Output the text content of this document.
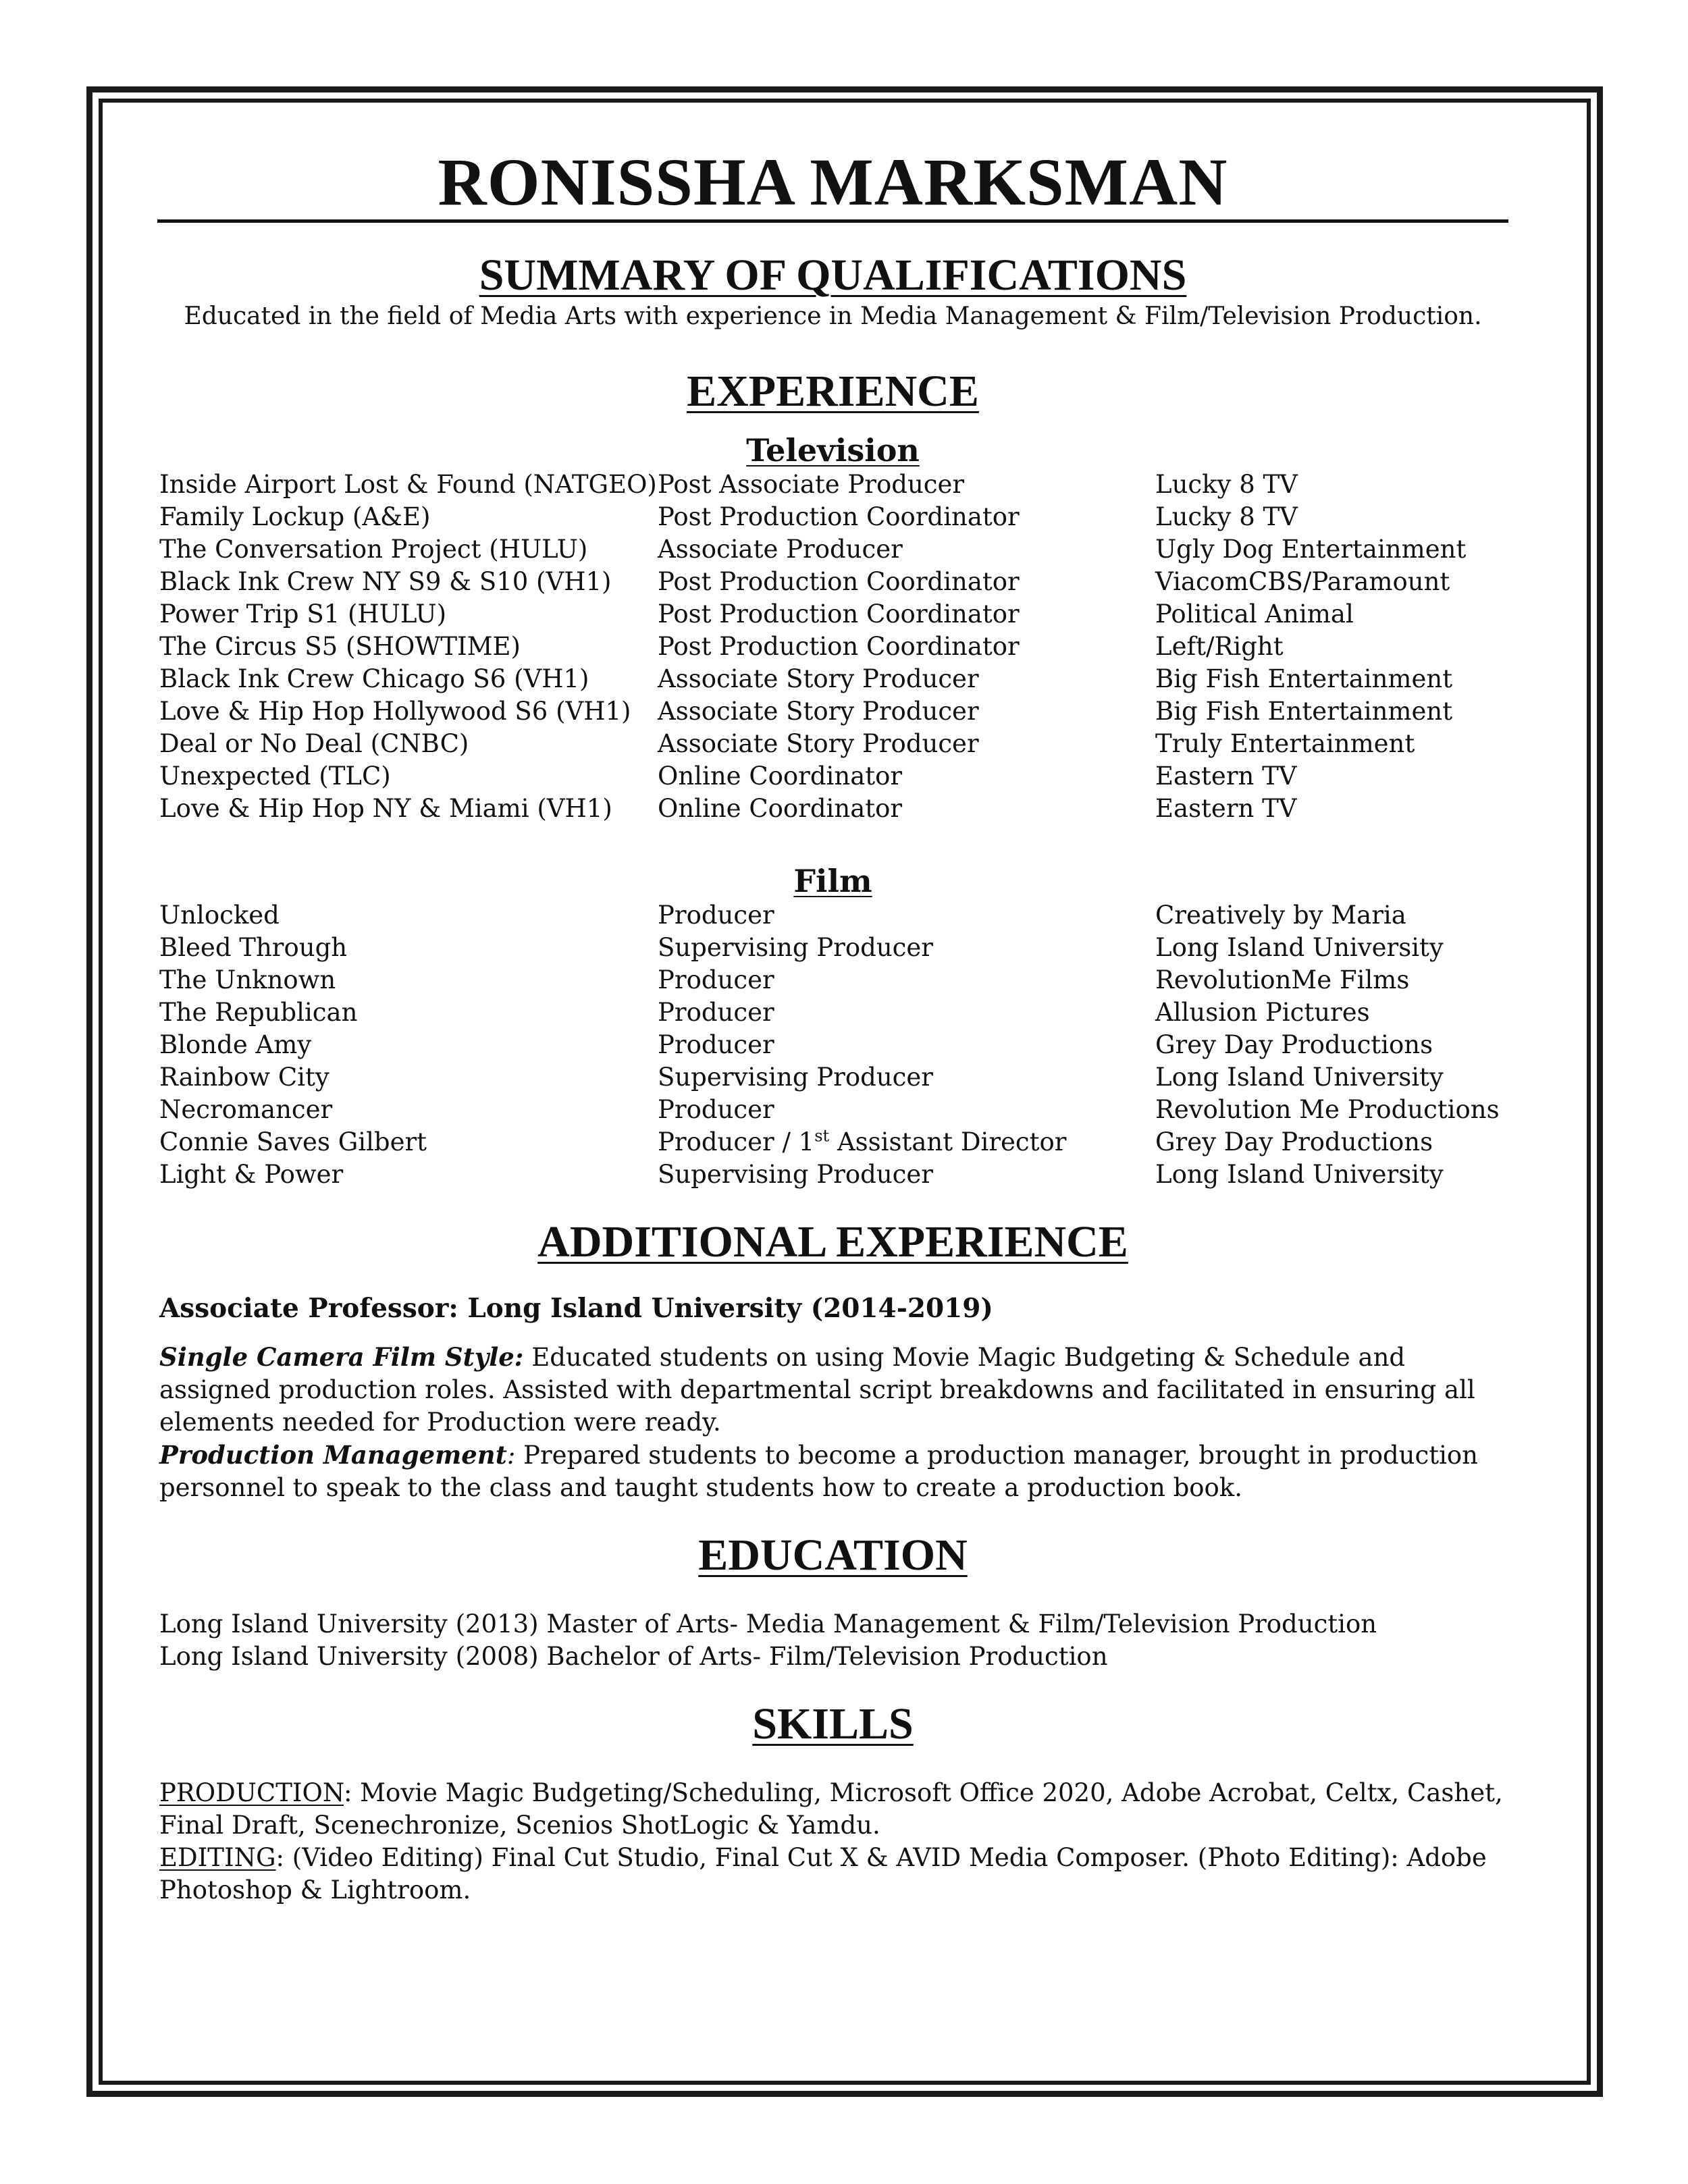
RONISSHA MARKSMAN
SUMMARY OF QUALIFICATIONS

Educated in the field of Media Arts with experience in Media Management & Film/Television Production.

EXPERIENCE
Television
Inside Airport Lost & Found (NATGEO)	Post Associate Producer	Lucky 8 TV
Family Lockup (A&E)	Post Production Coordinator	Lucky 8 TV
The Conversation Project (HULU)	Associate Producer	Ugly Dog Entertainment
Black Ink Crew NY S9 & S10 (VH1)	Post Production Coordinator	ViacomCBS/Paramount
Power Trip S1 (HULU)	Post Production Coordinator	Political Animal
The Circus S5 (SHOWTIME)	Post Production Coordinator	Left/Right
Black Ink Crew Chicago S6 (VH1)	Associate Story Producer	Big Fish Entertainment
Love & Hip Hop Hollywood S6 (VH1)	Associate Story Producer	Big Fish Entertainment
Deal or No Deal (CNBC)	Associate Story Producer	Truly Entertainment
Unexpected (TLC)	Online Coordinator	Eastern TV
Love & Hip Hop NY & Miami (VH1)	Online Coordinator	Eastern TV
Film
Unlocked	Producer	Creatively by Maria
Bleed Through	Supervising Producer	Long Island University
The Unknown	Producer	RevolutionMe Films
The Republican	Producer	Allusion Pictures
Blonde Amy	Producer	Grey Day Productions
Rainbow City	Supervising Producer	Long Island University
Necromancer	Producer	Revolution Me Productions
Connie Saves Gilbert	Producer / 1st Assistant Director	Grey Day Productions
Light & Power	Supervising Producer	Long Island University
ADDITIONAL EXPERIENCE

Associate Professor: Long Island University (2014-2019)

Single Camera Film Style: Educated students on using Movie Magic Budgeting & Schedule and assigned production roles. Assisted with departmental script breakdowns and facilitated in ensuring all elements needed for Production were ready.

Production Management: Prepared students to become a production manager, brought in production personnel to speak to the class and taught students how to create a production book.

EDUCATION

Long Island University (2013) Master of Arts- Media Management & Film/Television Production

Long Island University (2008) Bachelor of Arts- Film/Television Production

SKILLS

PRODUCTION: Movie Magic Budgeting/Scheduling, Microsoft Office 2020, Adobe Acrobat, Celtx, Cashet, Final Draft, Scenechronize, Scenios ShotLogic & Yamdu.

EDITING: (Video Editing) Final Cut Studio, Final Cut X & AVID Media Composer. (Photo Editing): Adobe Photoshop & Lightroom.
